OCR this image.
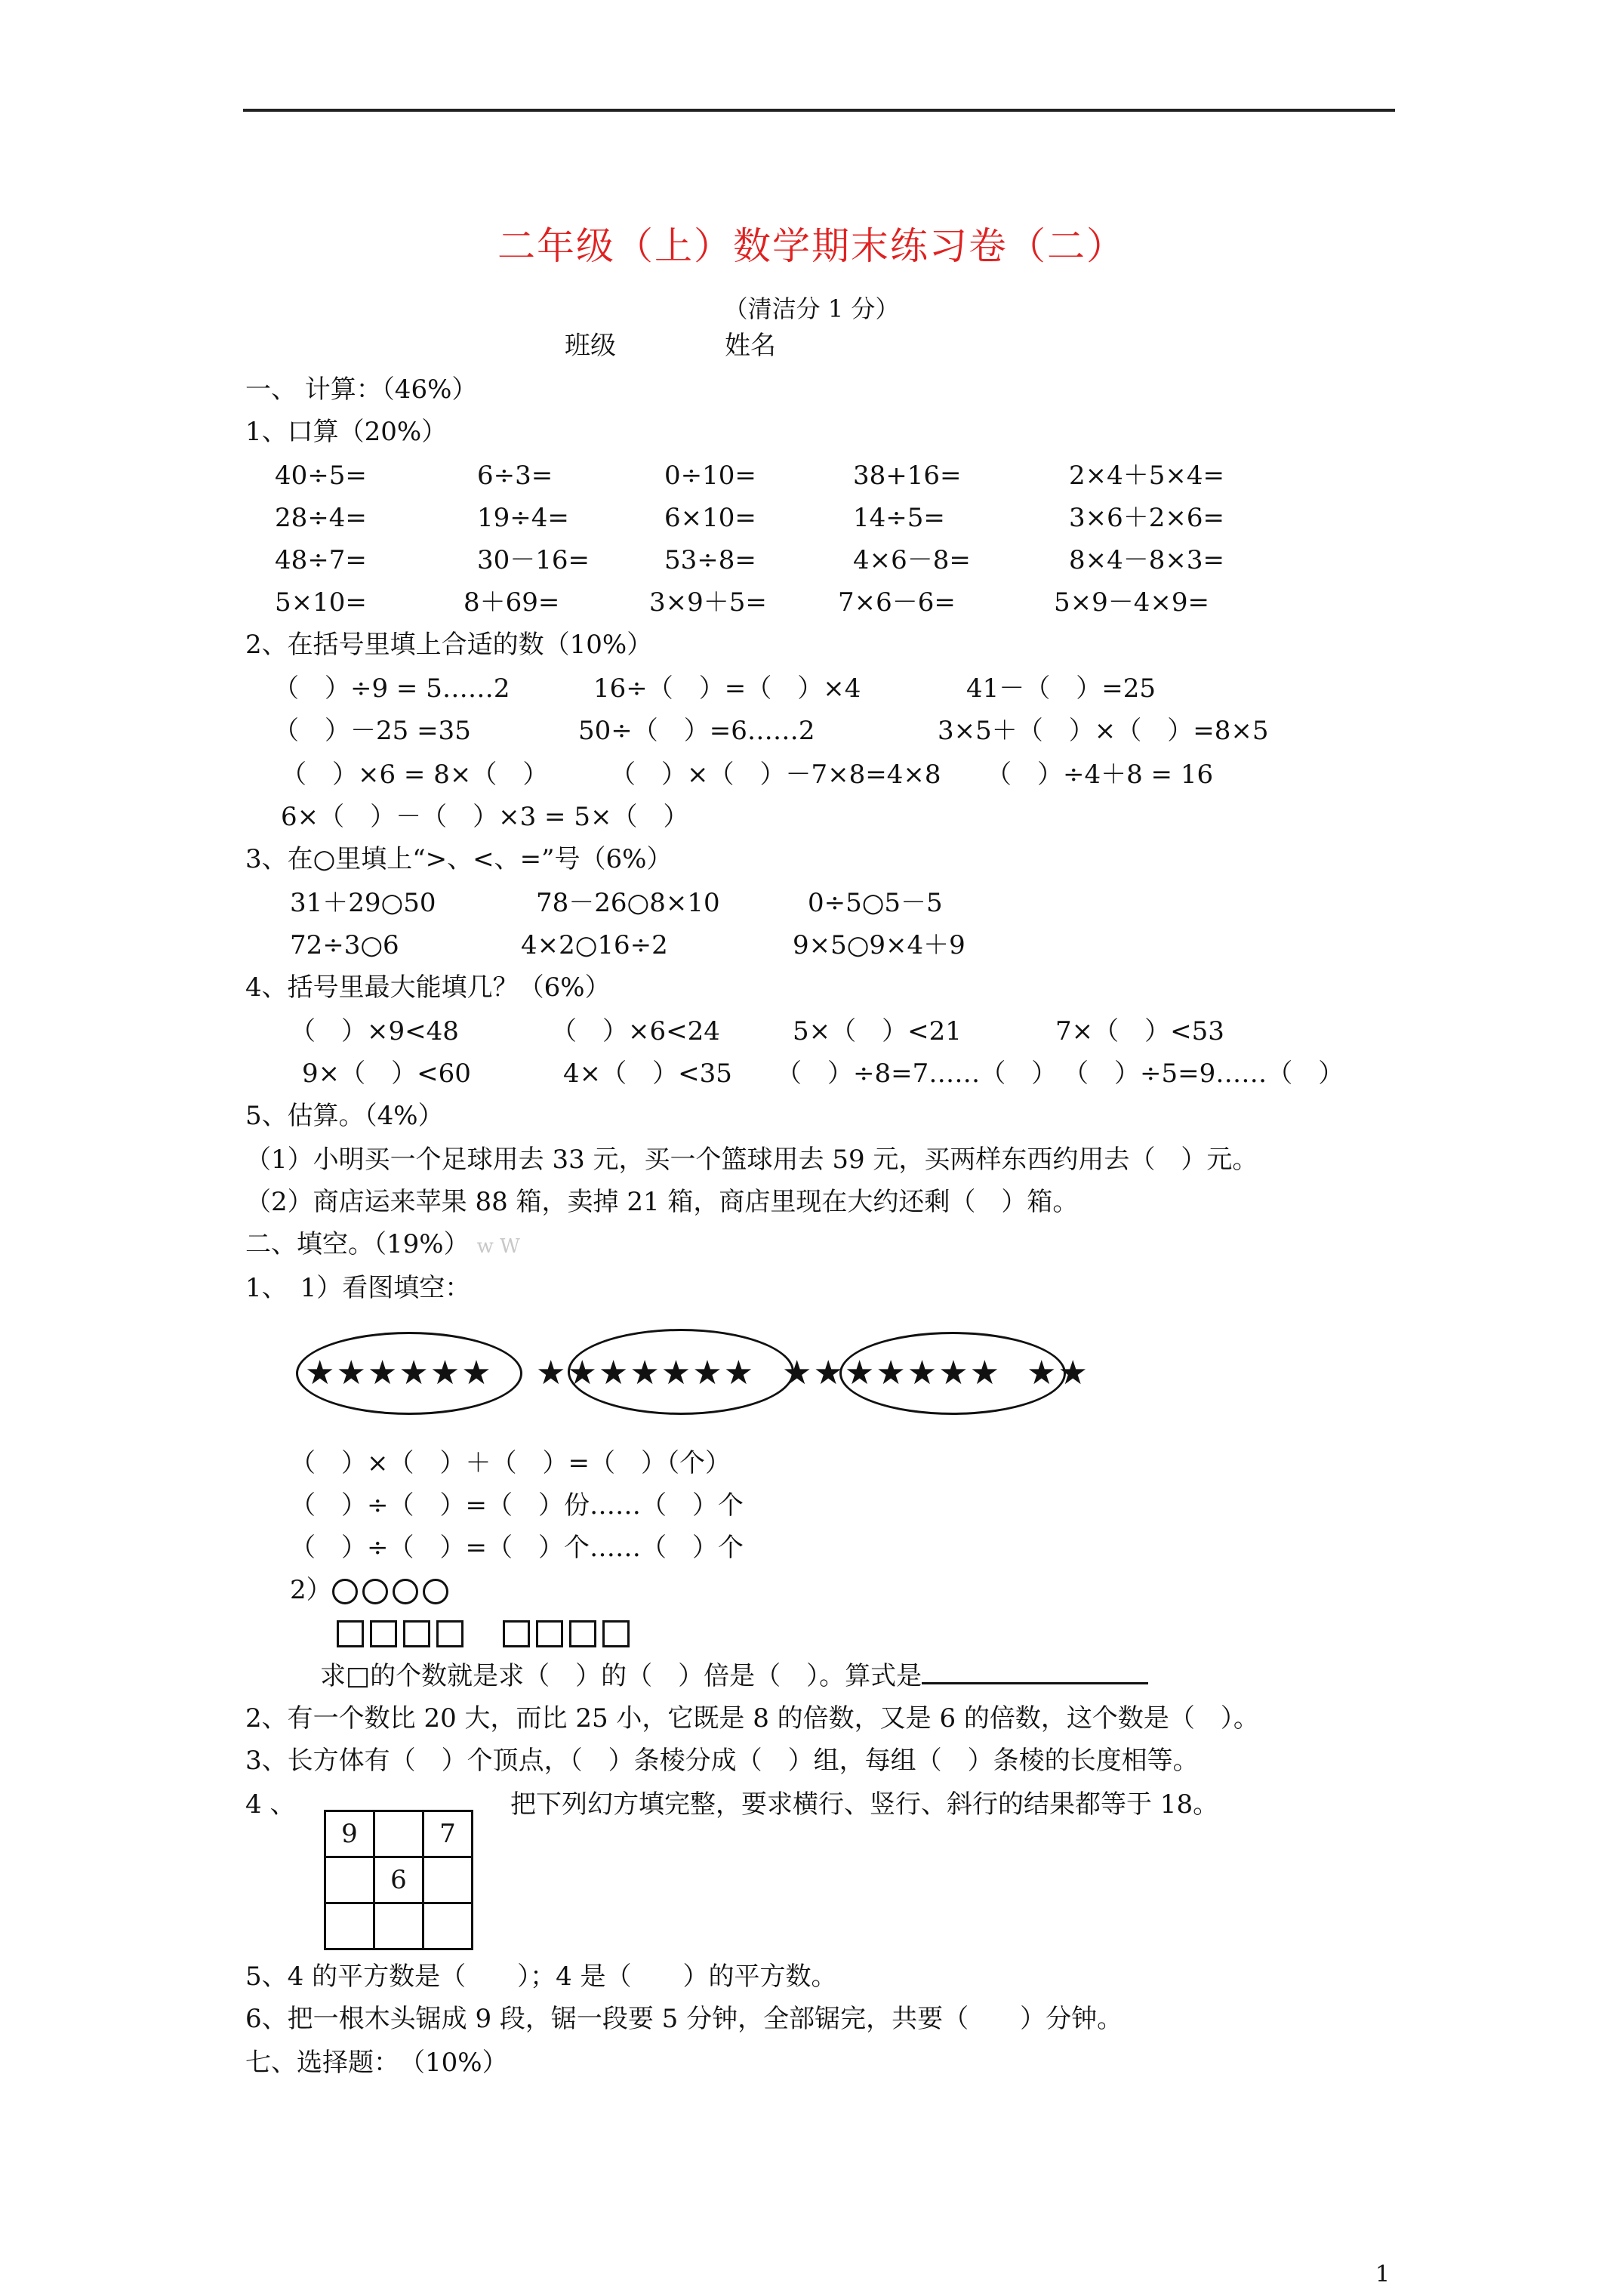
二年级（上）数学期末练习卷（二）
（清洁分 1 分）
班级	姓名
一、 计算：（46%）
1、口算（20%）
40÷5=	6÷3=	0÷10=	38+16=	2×4＋5×4=
28÷4=	19÷4=	6×10=	14÷5=	3×6＋2×6=
48÷7=	30－16=	53÷8=	4×6－8=	8×4－8×3=
5×10=	8＋69=	3×9＋5=	7×6－6=	5×9－4×9=
2、在括号里填上合适的数（10%）
（　）÷9 = 5……2	16÷（　）=（　）×4	41－（　）=25
（　）－25 =35	50÷（　）=6……2	3×5＋（　）×（　）=8×5
（　）×6 = 8×（　） （　）×（　）－7×8=4×8 （　）÷4＋8 = 16
6×（　）－（　）×3 = 5×（　）
3、在○里填上“>、<、=”号（6%）
31＋29○50	78－26○8×10	0÷5○5－5
72÷3○6	4×2○16÷2	9×5○9×4＋9
4、括号里最大能填几？（6%）
（　）×9<48	（　）×6<24	5×（　）<21	7×（　）<53
9×（　）<60	4×（　）<35 （　）÷8=7……（　） （　）÷5=9……（　）
5、估算。（4%）
（1）小明买一个足球用去 33 元，买一个篮球用去 59 元，买两样东西约用去（　）元。
（2）商店运来苹果 88 箱，卖掉 21 箱，商店里现在大约还剩（　）箱。
二、填空。（19%） w W
1、　1）看图填空：
★★★★★★ ★★★★★★★ ★★★★★★★ ★★
（　）×（　）＋（　）=（　）（个）
（　）÷（　）=（　）份……（　）个
（　）÷（　）=（　）个……（　）个
2）
求□的个数就是求（　）的（　）倍是（　）。算式是
2、有一个数比 20 大，而比 25 小，它既是 8 的倍数，又是 6 的倍数，这个数是（　）。
3、长方体有（　）个顶点，（　）条棱分成（　）组，每组（　）条棱的长度相等。
4 、	把下列幻方填完整，要求横行、竖行、斜行的结果都等于 18。
9		7
	6	

5、4 的平方数是（　　）；4 是（　　）的平方数。
6、把一根木头锯成 9 段，锯一段要 5 分钟，全部锯完，共要（　　）分钟。
七、选择题：　（10%）
1
